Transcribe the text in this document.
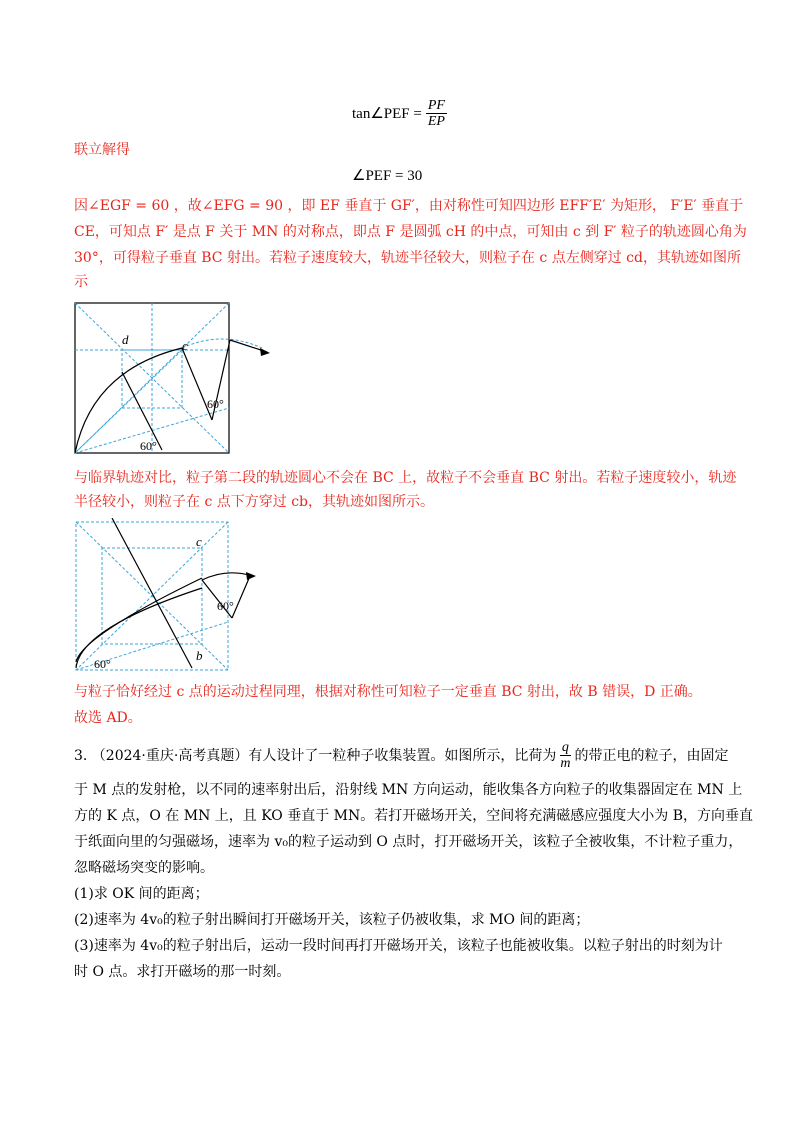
tan∠PEF = $\frac{PF}{EP}$
联立解得
∠PEF = 30
因∠EGF = 60 ，故∠EFG = 90 ，即 EF 垂直于 GF′，由对称性可知四边形 EFF′E′ 为矩形， F′E′ 垂直于
CE，可知点 F′ 是点 F 关于 MN 的对称点，即点 F 是圆弧 cH 的中点，可知由 c 到 F′ 粒子的轨迹圆心角为
30°，可得粒子垂直 BC 射出。若粒子速度较大，轨迹半径较大，则粒子在 c 点左侧穿过 cd，其轨迹如图所
示
d	c
60°
60°
与临界轨迹对比，粒子第二段的轨迹圆心不会在 BC 上，故粒子不会垂直 BC 射出。若粒子速度较小，轨迹
半径较小，则粒子在 c 点下方穿过 cb，其轨迹如图所示。
c
b
60°
60°
与粒子恰好经过 c 点的运动过程同理，根据对称性可知粒子一定垂直 BC 射出，故 B 错误，D 正确。
故选 AD。
3. （2024·重庆·高考真题）有人设计了一粒种子收集装置。如图所示，比荷为 $\frac{q}{m}$ 的带正电的粒子，由固定
于 M 点的发射枪，以不同的速率射出后，沿射线 MN 方向运动，能收集各方向粒子的收集器固定在 MN 上
方的 K 点，O 在 MN 上，且 KO 垂直于 MN。若打开磁场开关，空间将充满磁感应强度大小为 B，方向垂直
于纸面向里的匀强磁场，速率为 v₀的粒子运动到 O 点时，打开磁场开关，该粒子全被收集，不计粒子重力，
忽略磁场突变的影响。
(1)求 OK 间的距离；
(2)速率为 4v₀的粒子射出瞬间打开磁场开关，该粒子仍被收集，求 MO 间的距离；
(3)速率为 4v₀的粒子射出后，运动一段时间再打开磁场开关，该粒子也能被收集。以粒子射出的时刻为计
时 O 点。求打开磁场的那一时刻。
